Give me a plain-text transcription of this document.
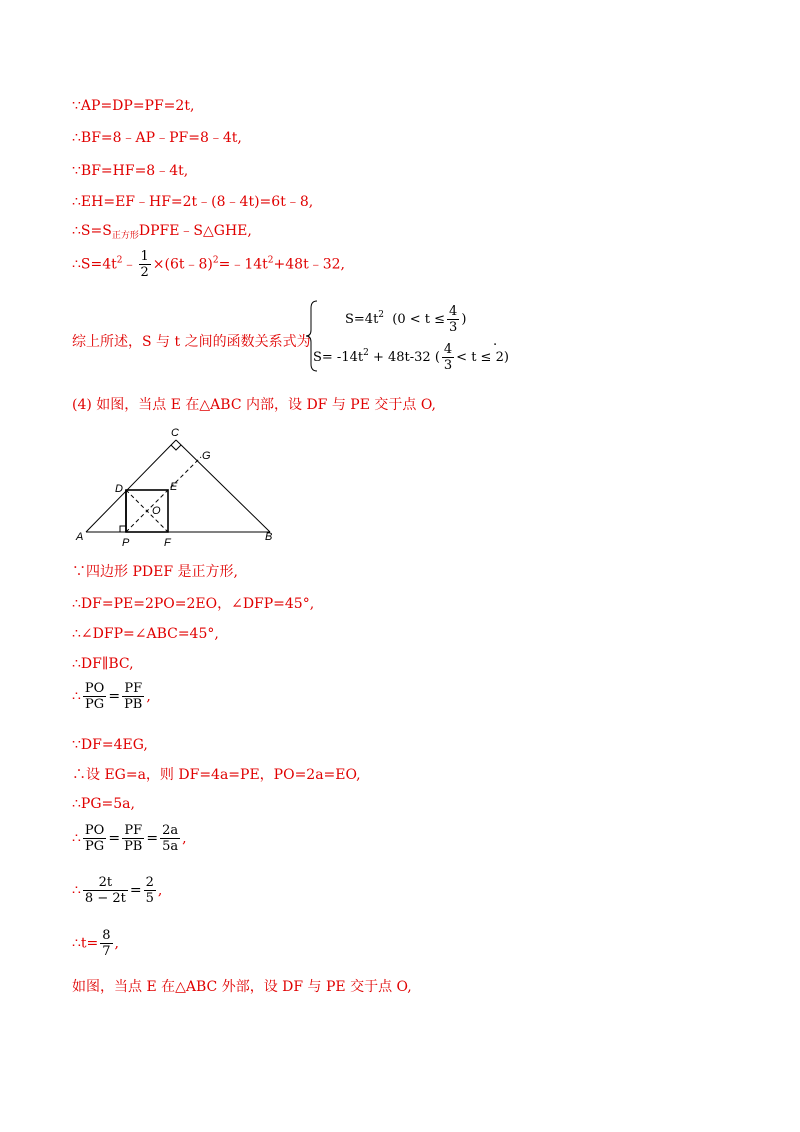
∵AP=DP=PF=2t,
∴BF=8﹣AP﹣PF=8﹣4t,
∵BF=HF=8﹣4t,
∴EH=EF﹣HF=2t﹣(8﹣4t)=6t﹣8,
$\therefore S=S_{正方形}DPFE﹣S\triangle GHE$,
$\therefore S=4t^2﹣ \frac{1}{2}$ $\times(6t﹣8)^2=﹣14t^2+48t﹣32$,
综上所述，S 与 t 之间的函数关系式为
$S=4t^2$ ($0 < t \le \frac{4}{3}$ )
$S= -14t^2 + 48t-32$ ( $\frac{4}{3} < t \le 2$)
.
(4) 如图，当点 E 在△ABC 内部，设 DF 与 PE 交于点 O,
A	B
C
D	E
F
G
O
P
∵四边形 PDEF 是正方形,
∴DF=PE=2PO=2EO，∠DFP=45°,
∴∠DFP=∠ABC=45°,
∴DF∥BC,
∴ $\frac{PO}{PG} = \frac{PF}{PB}$ ,
∵DF=4EG,
∴设 EG=a，则 DF=4a=PE，PO=2a=EO,
∴PG=5a,
∴ $\frac{PO}{PG} = \frac{PF}{PB} = \frac{2a}{5a}$ ,
∴ $\frac{2t}{8 - 2t} = \frac{2}{5}$ ,
∴t= $\frac{8}{7}$ ,
如图，当点 E 在△ABC 外部，设 DF 与 PE 交于点 O,
